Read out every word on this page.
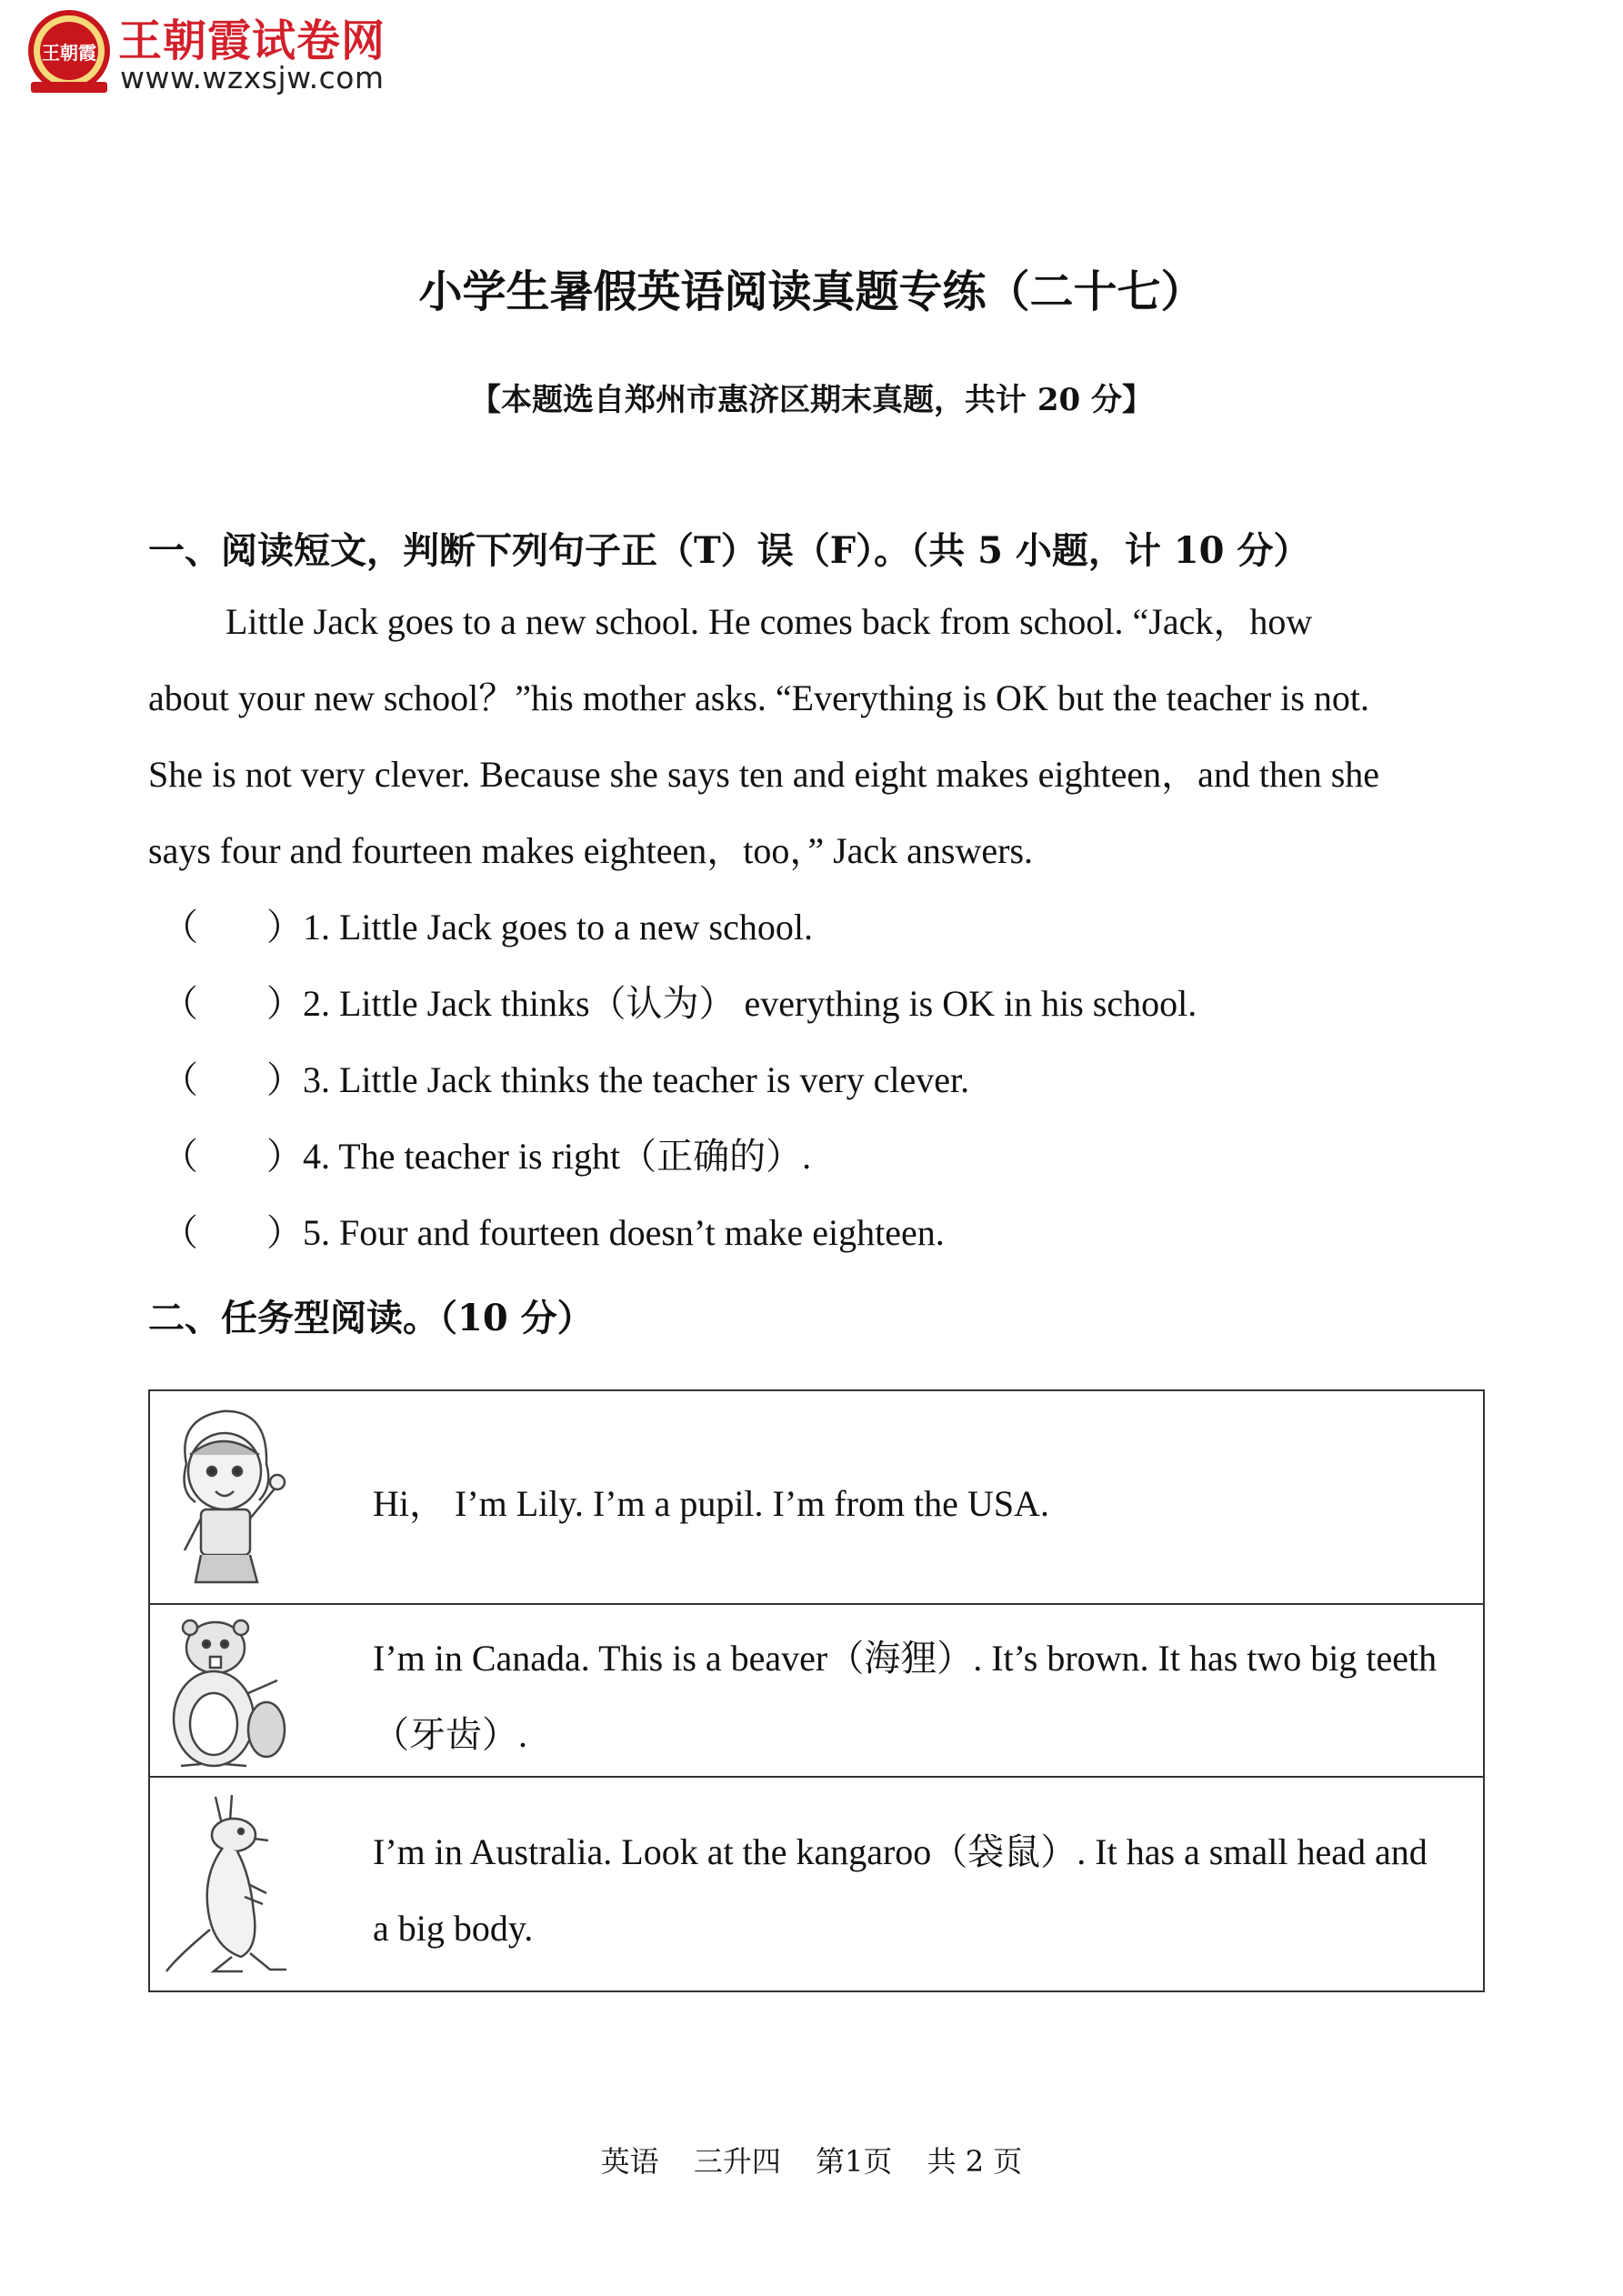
王朝霞 王朝霞试卷网
www.wzxsjw.com
小学生暑假英语阅读真题专练（二十七）
【本题选自郑州市惠济区期末真题，共计 20 分】
一、阅读短文，判断下列句子正（T）误（F）。（共 5 小题，计 10 分）
Little Jack goes to a new school. He comes back from school. “Jack，how
about your new school？”his mother asks. “Everything is OK but the teacher is not.
She is not very clever. Because she says ten and eight makes eighteen，and then she
says four and fourteen makes eighteen，too，” Jack answers.
（ ）1. Little Jack goes to a new school.
（ ）2. Little Jack thinks（认为） everything is OK in his school.
（ ）3. Little Jack thinks the teacher is very clever.
（ ）4. The teacher is right（正确的）.
（ ）5. Four and fourteen doesn’t make eighteen.
二、任务型阅读。（10 分）
Hi， I’m Lily. I’m a pupil. I’m from the USA.
I’m in Canada. This is a beaver（海狸）. It’s brown. It has two big teeth
（牙齿）.
I’m in Australia. Look at the kangaroo（袋鼠）. It has a small head and
a big body.
英语 三升四 第1页 共 2 页
